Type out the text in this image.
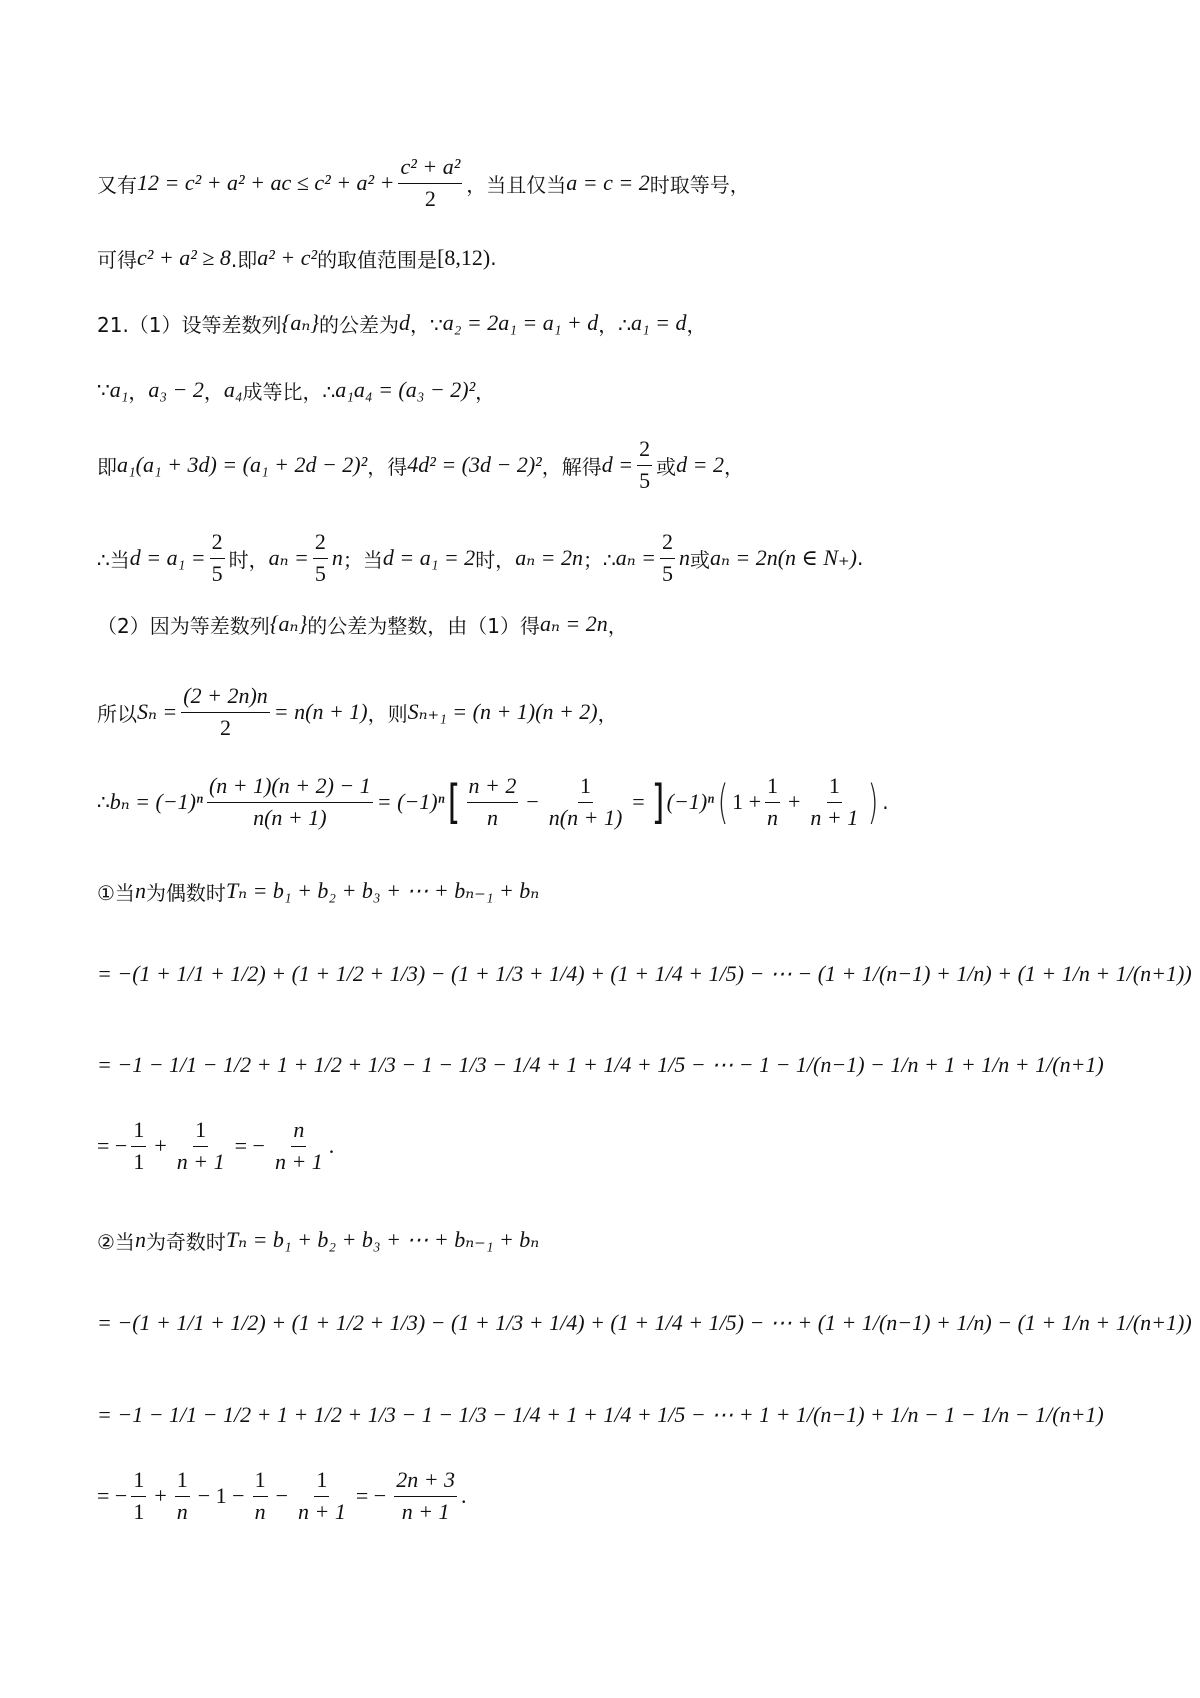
又有 12 = c² + a² + ac ≤ $c^2 + a^2 + \frac{\text{c² + a²}}{2}$ ，当且仅当 a = c = 2 时取等号，
可得 c² + a² ≥ 8 .即 a² + c² 的取值范围是 [8,12) .
21.（1）设等差数列 {aₙ} 的公差为 d ，∵ a₂ = 2a₁ = a₁ + d ，∴ a₁ = d ，
∵ a₁ ， a₃ − 2 ， a₄ 成等比，∴ a₁a₄ = (a₃ − 2)² ，
即 a₁(a₁ + 3d) = (a₁ + 2d − 2)² ，得 4d² = (3d − 2)² ，解得 $d = \frac{2}{5}$ 或 d = 2 ，
∴当 $d = a_1 = \frac{2}{5}$ 时， $a_n = \frac{2}{5}$ n ；当 d = a₁ = 2 时， aₙ = 2n ；∴ $a_n = \frac{2}{5}$ n 或 aₙ = 2n(n ∈ N₊) .
（2）因为等差数列 {aₙ} 的公差为整数，由（1）得 aₙ = 2n ，
所以 $S_n = \frac{(2 + 2n)n}{2} = n(n + 1)$ ，则 Sₙ₊₁ = (n + 1)(n + 2) ，
∴ $b_n = (-1)^n \frac{(n + 1)(n + 2) - 1}{n(n + 1)} = (-1)^n$ [ $\frac{n + 2}{n} - \frac{1}{n(n + 1)}$ = ] (−1)ⁿ ( $1 + \frac{1}{n} + \frac{1}{n + 1}$ ) .
①当 n 为偶数时 Tₙ = b₁ + b₂ + b₃ + ⋯ + bₙ₋₁ + bₙ
= −(1 + 1/1 + 1/2) + (1 + 1/2 + 1/3) − (1 + 1/3 + 1/4) + (1 + 1/4 + 1/5) − ⋯ − (1 + 1/(n−1) + 1/n) + (1 + 1/n + 1/(n+1))
= −1 − 1/1 − 1/2 + 1 + 1/2 + 1/3 − 1 − 1/3 − 1/4 + 1 + 1/4 + 1/5 − ⋯ − 1 − 1/(n−1) − 1/n + 1 + 1/n + 1/(n+1)
= − $\frac{1}{1} + \frac{1}{n + 1}$ = − $\frac{n}{n + 1}$ .
②当 n 为奇数时 Tₙ = b₁ + b₂ + b₃ + ⋯ + bₙ₋₁ + bₙ
= −(1 + 1/1 + 1/2) + (1 + 1/2 + 1/3) − (1 + 1/3 + 1/4) + (1 + 1/4 + 1/5) − ⋯ + (1 + 1/(n−1) + 1/n) − (1 + 1/n + 1/(n+1))
= −1 − 1/1 − 1/2 + 1 + 1/2 + 1/3 − 1 − 1/3 − 1/4 + 1 + 1/4 + 1/5 − ⋯ + 1 + 1/(n−1) + 1/n − 1 − 1/n − 1/(n+1)
= − $\frac{1}{1} + \frac{1}{n} - 1 - \frac{1}{n} - \frac{1}{n + 1}$ = − $\frac{2n + 3}{n + 1}$ .
